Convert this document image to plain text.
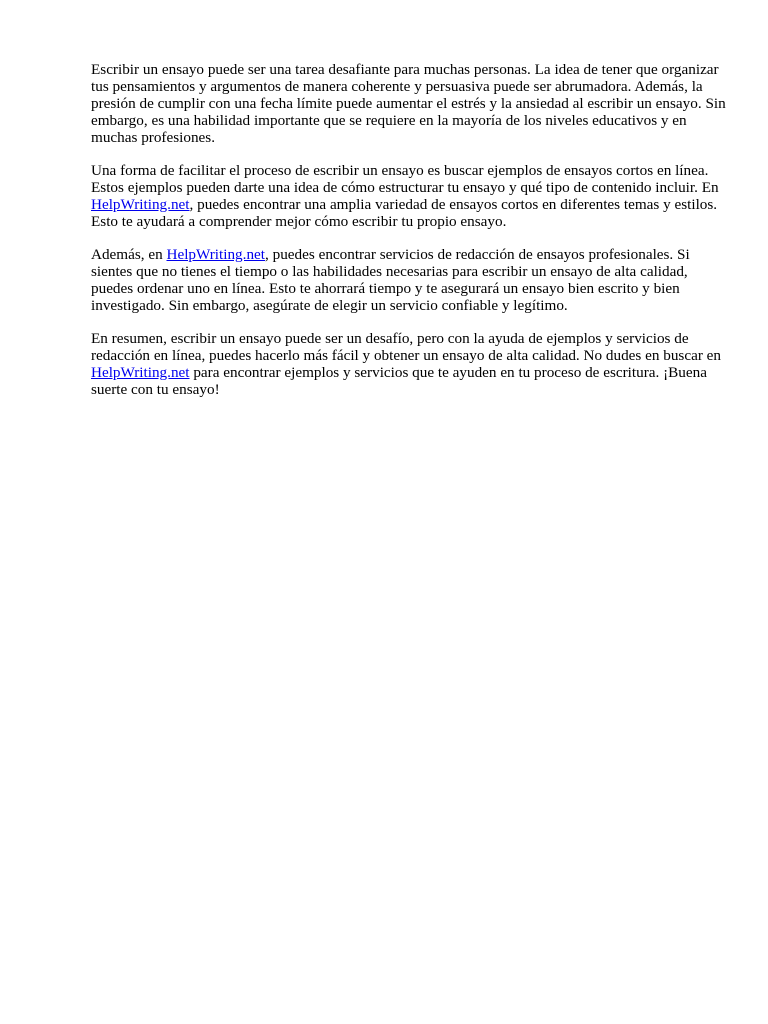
Escribir un ensayo puede ser una tarea desafiante para muchas personas. La idea de tener que organizar tus pensamientos y argumentos de manera coherente y persuasiva puede ser abrumadora. Además, la presión de cumplir con una fecha límite puede aumentar el estrés y la ansiedad al escribir un ensayo. Sin embargo, es una habilidad importante que se requiere en la mayoría de los niveles educativos y en muchas profesiones.

Una forma de facilitar el proceso de escribir un ensayo es buscar ejemplos de ensayos cortos en línea. Estos ejemplos pueden darte una idea de cómo estructurar tu ensayo y qué tipo de contenido incluir. En HelpWriting.net, puedes encontrar una amplia variedad de ensayos cortos en diferentes temas y estilos. Esto te ayudará a comprender mejor cómo escribir tu propio ensayo.

Además, en HelpWriting.net, puedes encontrar servicios de redacción de ensayos profesionales. Si sientes que no tienes el tiempo o las habilidades necesarias para escribir un ensayo de alta calidad, puedes ordenar uno en línea. Esto te ahorrará tiempo y te asegurará un ensayo bien escrito y bien investigado. Sin embargo, asegúrate de elegir un servicio confiable y legítimo.

En resumen, escribir un ensayo puede ser un desafío, pero con la ayuda de ejemplos y servicios de redacción en línea, puedes hacerlo más fácil y obtener un ensayo de alta calidad. No dudes en buscar en HelpWriting.net para encontrar ejemplos y servicios que te ayuden en tu proceso de escritura. ¡Buena suerte con tu ensayo!
